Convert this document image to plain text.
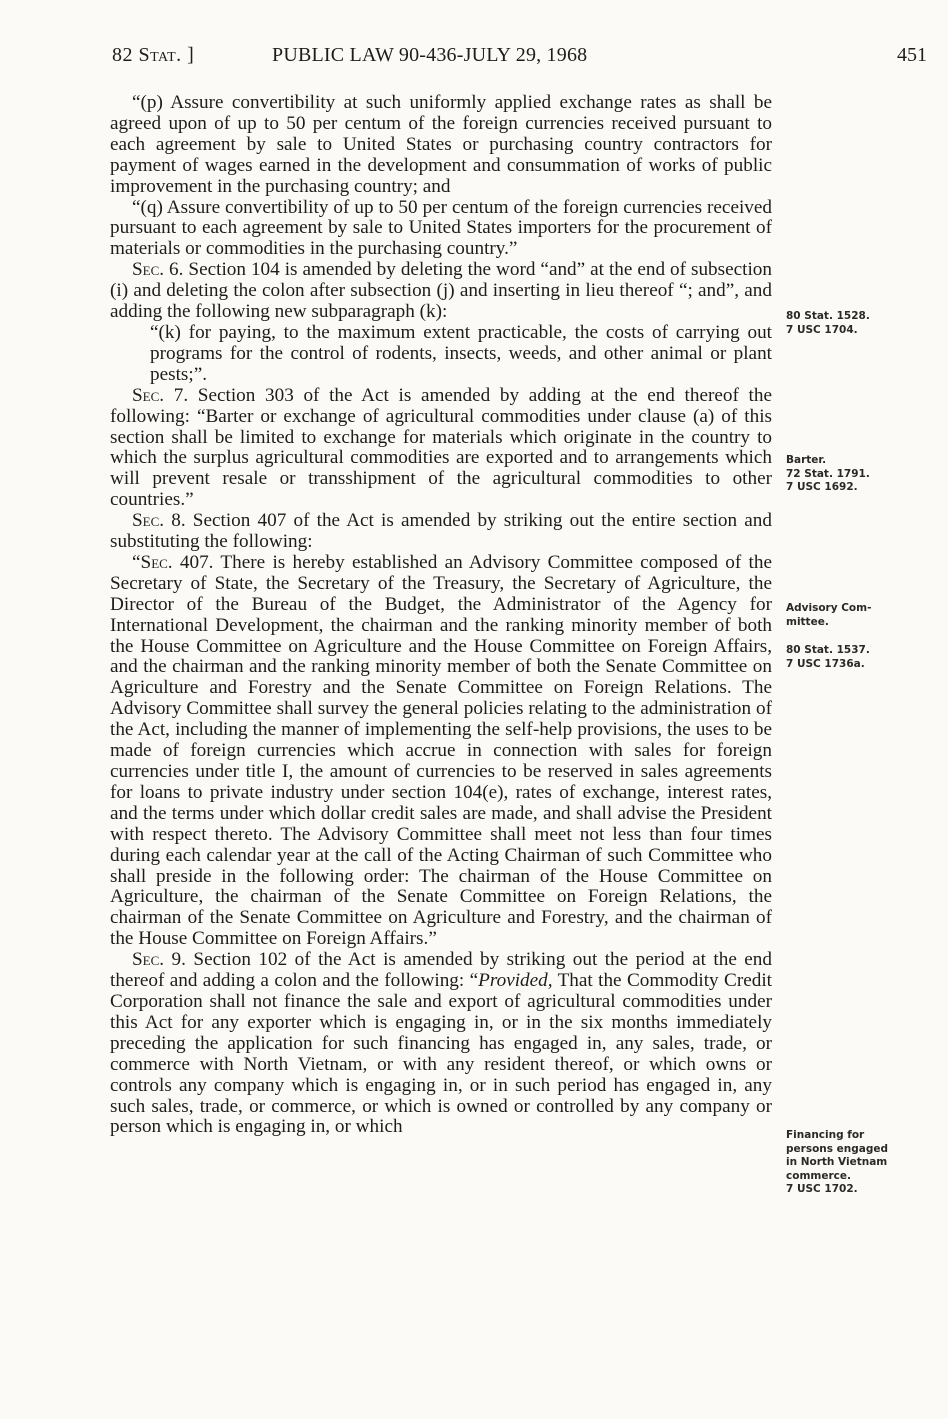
82 Stat. ]	PUBLIC LAW 90-436-JULY 29, 1968	451

“(p) Assure convertibility at such uniformly applied exchange rates as shall be agreed upon of up to 50 per centum of the foreign currencies received pursuant to each agreement by sale to United States or purchasing country contractors for payment of wages earned in the development and consummation of works of public improvement in the purchasing country; and

“(q) Assure convertibility of up to 50 per centum of the foreign currencies received pursuant to each agreement by sale to United States importers for the procurement of materials or commodities in the purchasing country.”

Sec. 6. Section 104 is amended by deleting the word “and” at the end of subsection (i) and deleting the colon after subsection (j) and inserting in lieu thereof “; and”, and adding the following new subparagraph (k):

“(k) for paying, to the maximum extent practicable, the costs of carrying out programs for the control of rodents, insects, weeds, and other animal or plant pests;”.

Sec. 7. Section 303 of the Act is amended by adding at the end thereof the following: “Barter or exchange of agricultural commodities under clause (a) of this section shall be limited to exchange for materials which originate in the country to which the surplus agricultural commodities are exported and to arrangements which will prevent resale or transshipment of the agricultural commodities to other countries.”

Sec. 8. Section 407 of the Act is amended by striking out the entire section and substituting the following:

“Sec. 407. There is hereby established an Advisory Committee composed of the Secretary of State, the Secretary of the Treasury, the Secretary of Agriculture, the Director of the Bureau of the Budget, the Administrator of the Agency for International Development, the chairman and the ranking minority member of both the House Committee on Agriculture and the House Committee on Foreign Affairs, and the chairman and the ranking minority member of both the Senate Committee on Agriculture and Forestry and the Senate Committee on Foreign Relations. The Advisory Committee shall survey the general policies relating to the administration of the Act, including the manner of implementing the self-help provisions, the uses to be made of foreign currencies which accrue in connection with sales for foreign currencies under title I, the amount of currencies to be reserved in sales agreements for loans to private industry under section 104(e), rates of exchange, interest rates, and the terms under which dollar credit sales are made, and shall advise the President with respect thereto. The Advisory Committee shall meet not less than four times during each calendar year at the call of the Acting Chairman of such Committee who shall preside in the following order: The chairman of the House Committee on Agriculture, the chairman of the Senate Committee on Foreign Relations, the chairman of the Senate Committee on Agriculture and Forestry, and the chairman of the House Committee on Foreign Affairs.”

Sec. 9. Section 102 of the Act is amended by striking out the period at the end thereof and adding a colon and the following: “Provided, That the Commodity Credit Corporation shall not finance the sale and export of agricultural commodities under this Act for any exporter which is engaging in, or in the six months immediately preceding the application for such financing has engaged in, any sales, trade, or commerce with North Vietnam, or with any resident thereof, or which owns or controls any company which is engaging in, or in such period has engaged in, any such sales, trade, or commerce, or which is owned or controlled by any company or person which is engaging in, or which

80 Stat. 1528.
7 USC 1704.
Barter.
72 Stat. 1791.
7 USC 1692.
Advisory Com-
mittee.
80 Stat. 1537.
7 USC 1736a.
Financing for
persons engaged
in North Vietnam
commerce.
7 USC 1702.
